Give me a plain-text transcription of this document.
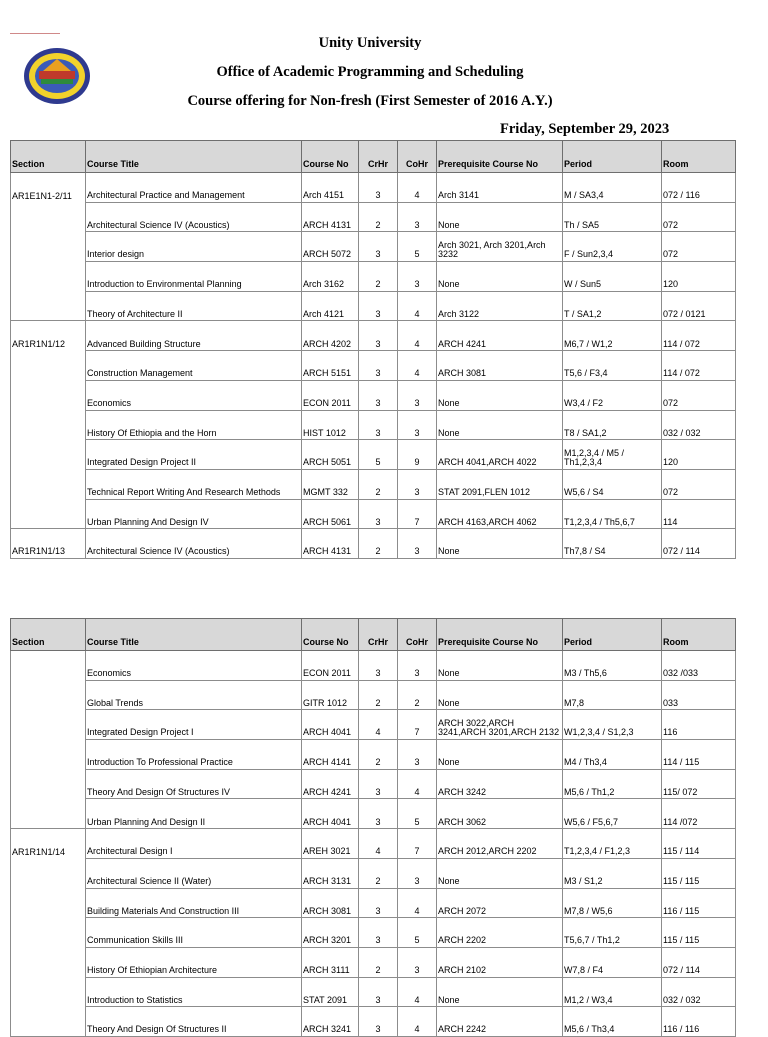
Unity University
Office of Academic Programming and Scheduling
Course offering for Non-fresh (First Semester of 2016 A.Y.)
Friday, September 29, 2023
Section	Course Title	Course No	CrHr	CoHr	Prerequisite Course No	Period	Room
AR1E1N1-2/11	Architectural Practice and Management	Arch 4151	3	4	Arch 3141	M / SA3,4	072 / 116
	Architectural Science IV (Acoustics)	ARCH 4131	2	3	None	Th / SA5	072
	Interior design	ARCH 5072	3	5	Arch 3021, Arch 3201,Arch 3232	F / Sun2,3,4	072
	Introduction to Environmental Planning	Arch 3162	2	3	None	W / Sun5	120
	Theory of Architecture II	Arch 4121	3	4	Arch 3122	T / SA1,2	072 / 0121
AR1R1N1/12	Advanced Building Structure	ARCH 4202	3	4	ARCH 4241	M6,7 / W1,2	114 / 072
	Construction Management	ARCH 5151	3	4	ARCH 3081	T5,6 / F3,4	114 / 072
	Economics	ECON 2011	3	3	None	W3,4 / F2	072
	History Of Ethiopia and the Horn	HIST 1012	3	3	None	T8 / SA1,2	032 / 032
	Integrated Design Project II	ARCH 5051	5	9	ARCH 4041,ARCH 4022	M1,2,3,4 / M5 / Th1,2,3,4	120
	Technical Report Writing And Research Methods	MGMT 332	2	3	STAT 2091,FLEN 1012	W5,6 / S4	072
	Urban Planning And Design IV	ARCH 5061	3	7	ARCH 4163,ARCH 4062	T1,2,3,4 / Th5,6,7	114
AR1R1N1/13	Architectural Science IV (Acoustics)	ARCH 4131	2	3	None	Th7,8 / S4	072 / 114
Section	Course Title	Course No	CrHr	CoHr	Prerequisite Course No	Period	Room
	Economics	ECON 2011	3	3	None	M3 / Th5,6	032 /033
	Global Trends	GITR 1012	2	2	None	M7,8	033
	Integrated Design Project I	ARCH 4041	4	7	ARCH 3022,ARCH 3241,ARCH 3201,ARCH 2132	W1,2,3,4 / S1,2,3	116
	Introduction To Professional Practice	ARCH 4141	2	3	None	M4 / Th3,4	114 / 115
	Theory And Design Of Structures IV	ARCH 4241	3	4	ARCH 3242	M5,6 / Th1,2	115/ 072
	Urban Planning And Design II	ARCH 4041	3	5	ARCH 3062	W5,6 / F5,6,7	114 /072
AR1R1N1/14	Architectural Design I	AREH 3021	4	7	ARCH 2012,ARCH 2202	T1,2,3,4 / F1,2,3	115 / 114
	Architectural Science II (Water)	ARCH 3131	2	3	None	M3 / S1,2	115 / 115
	Building Materials And Construction III	ARCH 3081	3	4	ARCH 2072	M7,8 / W5,6	116 / 115
	Communication Skills III	ARCH 3201	3	5	ARCH 2202	T5,6,7 / Th1,2	115 / 115
	History Of Ethiopian Architecture	ARCH 3111	2	3	ARCH 2102	W7,8 / F4	072 / 114
	Introduction to Statistics	STAT 2091	3	4	None	M1,2 / W3,4	032 / 032
	Theory And Design Of Structures II	ARCH 3241	3	4	ARCH 2242	M5,6 / Th3,4	116 / 116
